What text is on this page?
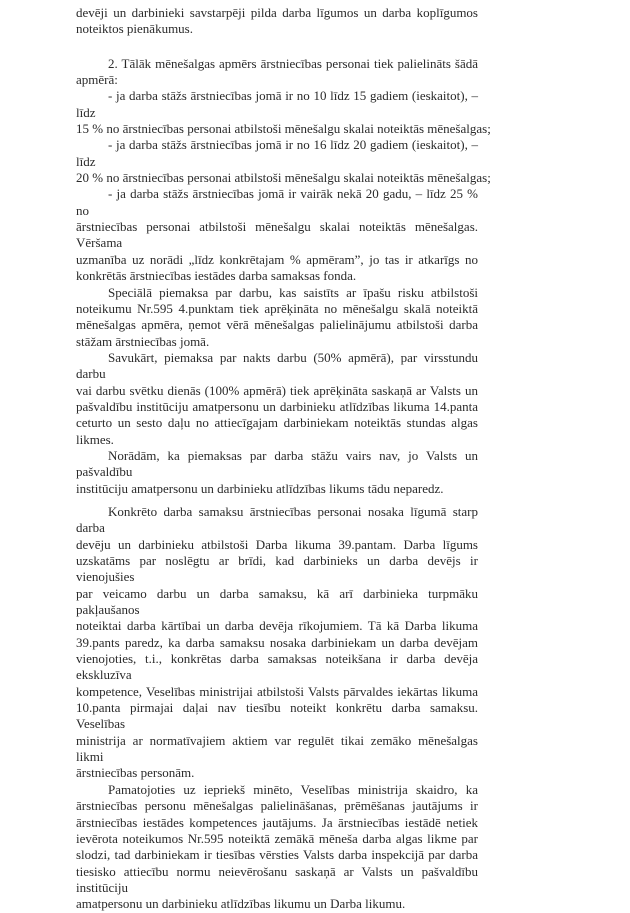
devēji un darbinieki savstarpēji pilda darba līgumos un darba koplīgumos
noteiktos pienākumus.
2. Tālāk mēnešalgas apmērs ārstniecības personai tiek palielināts šādā
apmērā:
- ja darba stāžs ārstniecības jomā ir no 10 līdz 15 gadiem (ieskaitot), – līdz
15 % no ārstniecības personai atbilstoši mēnešalgu skalai noteiktās mēnešalgas;
- ja darba stāžs ārstniecības jomā ir no 16 līdz 20 gadiem (ieskaitot), – līdz
20 % no ārstniecības personai atbilstoši mēnešalgu skalai noteiktās mēnešalgas;
- ja darba stāžs ārstniecības jomā ir vairāk nekā 20 gadu, – līdz 25 % no
ārstniecības personai atbilstoši mēnešalgu skalai noteiktās mēnešalgas. Vēršama
uzmanība uz norādi „līdz konkrētajam % apmēram”, jo tas ir atkarīgs no
konkrētās ārstniecības iestādes darba samaksas fonda.
Speciālā piemaksa par darbu, kas saistīts ar īpašu risku atbilstoši
noteikumu Nr.595 4.punktam tiek aprēķināta no mēnešalgu skalā noteiktā
mēnešalgas apmēra, ņemot vērā mēnešalgas palielinājumu atbilstoši darba
stāžam ārstniecības jomā.
Savukārt, piemaksa par nakts darbu (50% apmērā), par virsstundu darbu
vai darbu svētku dienās (100% apmērā) tiek aprēķināta saskaņā ar Valsts un
pašvaldību institūciju amatpersonu un darbinieku atlīdzības likuma 14.panta
ceturto un sesto daļu no attiecīgajam darbiniekam noteiktās stundas algas
likmes.
Norādām, ka piemaksas par darba stāžu vairs nav, jo Valsts un pašvaldību
institūciju amatpersonu un darbinieku atlīdzības likums tādu neparedz.
Konkrēto darba samaksu ārstniecības personai nosaka līgumā starp darba
devēju un darbinieku atbilstoši Darba likuma 39.pantam. Darba līgums
uzskatāms par noslēgtu ar brīdi, kad darbinieks un darba devējs ir vienojušies
par veicamo darbu un darba samaksu, kā arī darbinieka turpmāku pakļaušanos
noteiktai darba kārtībai un darba devēja rīkojumiem. Tā kā Darba likuma
39.pants paredz, ka darba samaksu nosaka darbiniekam un darba devējam
vienojoties, t.i., konkrētas darba samaksas noteikšana ir darba devēja ekskluzīva
kompetence, Veselības ministrijai atbilstoši Valsts pārvaldes iekārtas likuma
10.panta pirmajai daļai nav tiesību noteikt konkrētu darba samaksu. Veselības
ministrija ar normatīvajiem aktiem var regulēt tikai zemāko mēnešalgas likmi
ārstniecības personām.
Pamatojoties uz iepriekš minēto, Veselības ministrija skaidro, ka
ārstniecības personu mēnešalgas palielināšanas, prēmēšanas jautājums ir
ārstniecības iestādes kompetences jautājums. Ja ārstniecības iestādē netiek
ievērota noteikumos Nr.595 noteiktā zemākā mēneša darba algas likme par
slodzi, tad darbiniekam ir tiesības vērsties Valsts darba inspekcijā par darba
tiesisko attiecību normu neievērošanu saskaņā ar Valsts un pašvaldību institūciju
amatpersonu un darbinieku atlīdzības likumu un Darba likumu.
